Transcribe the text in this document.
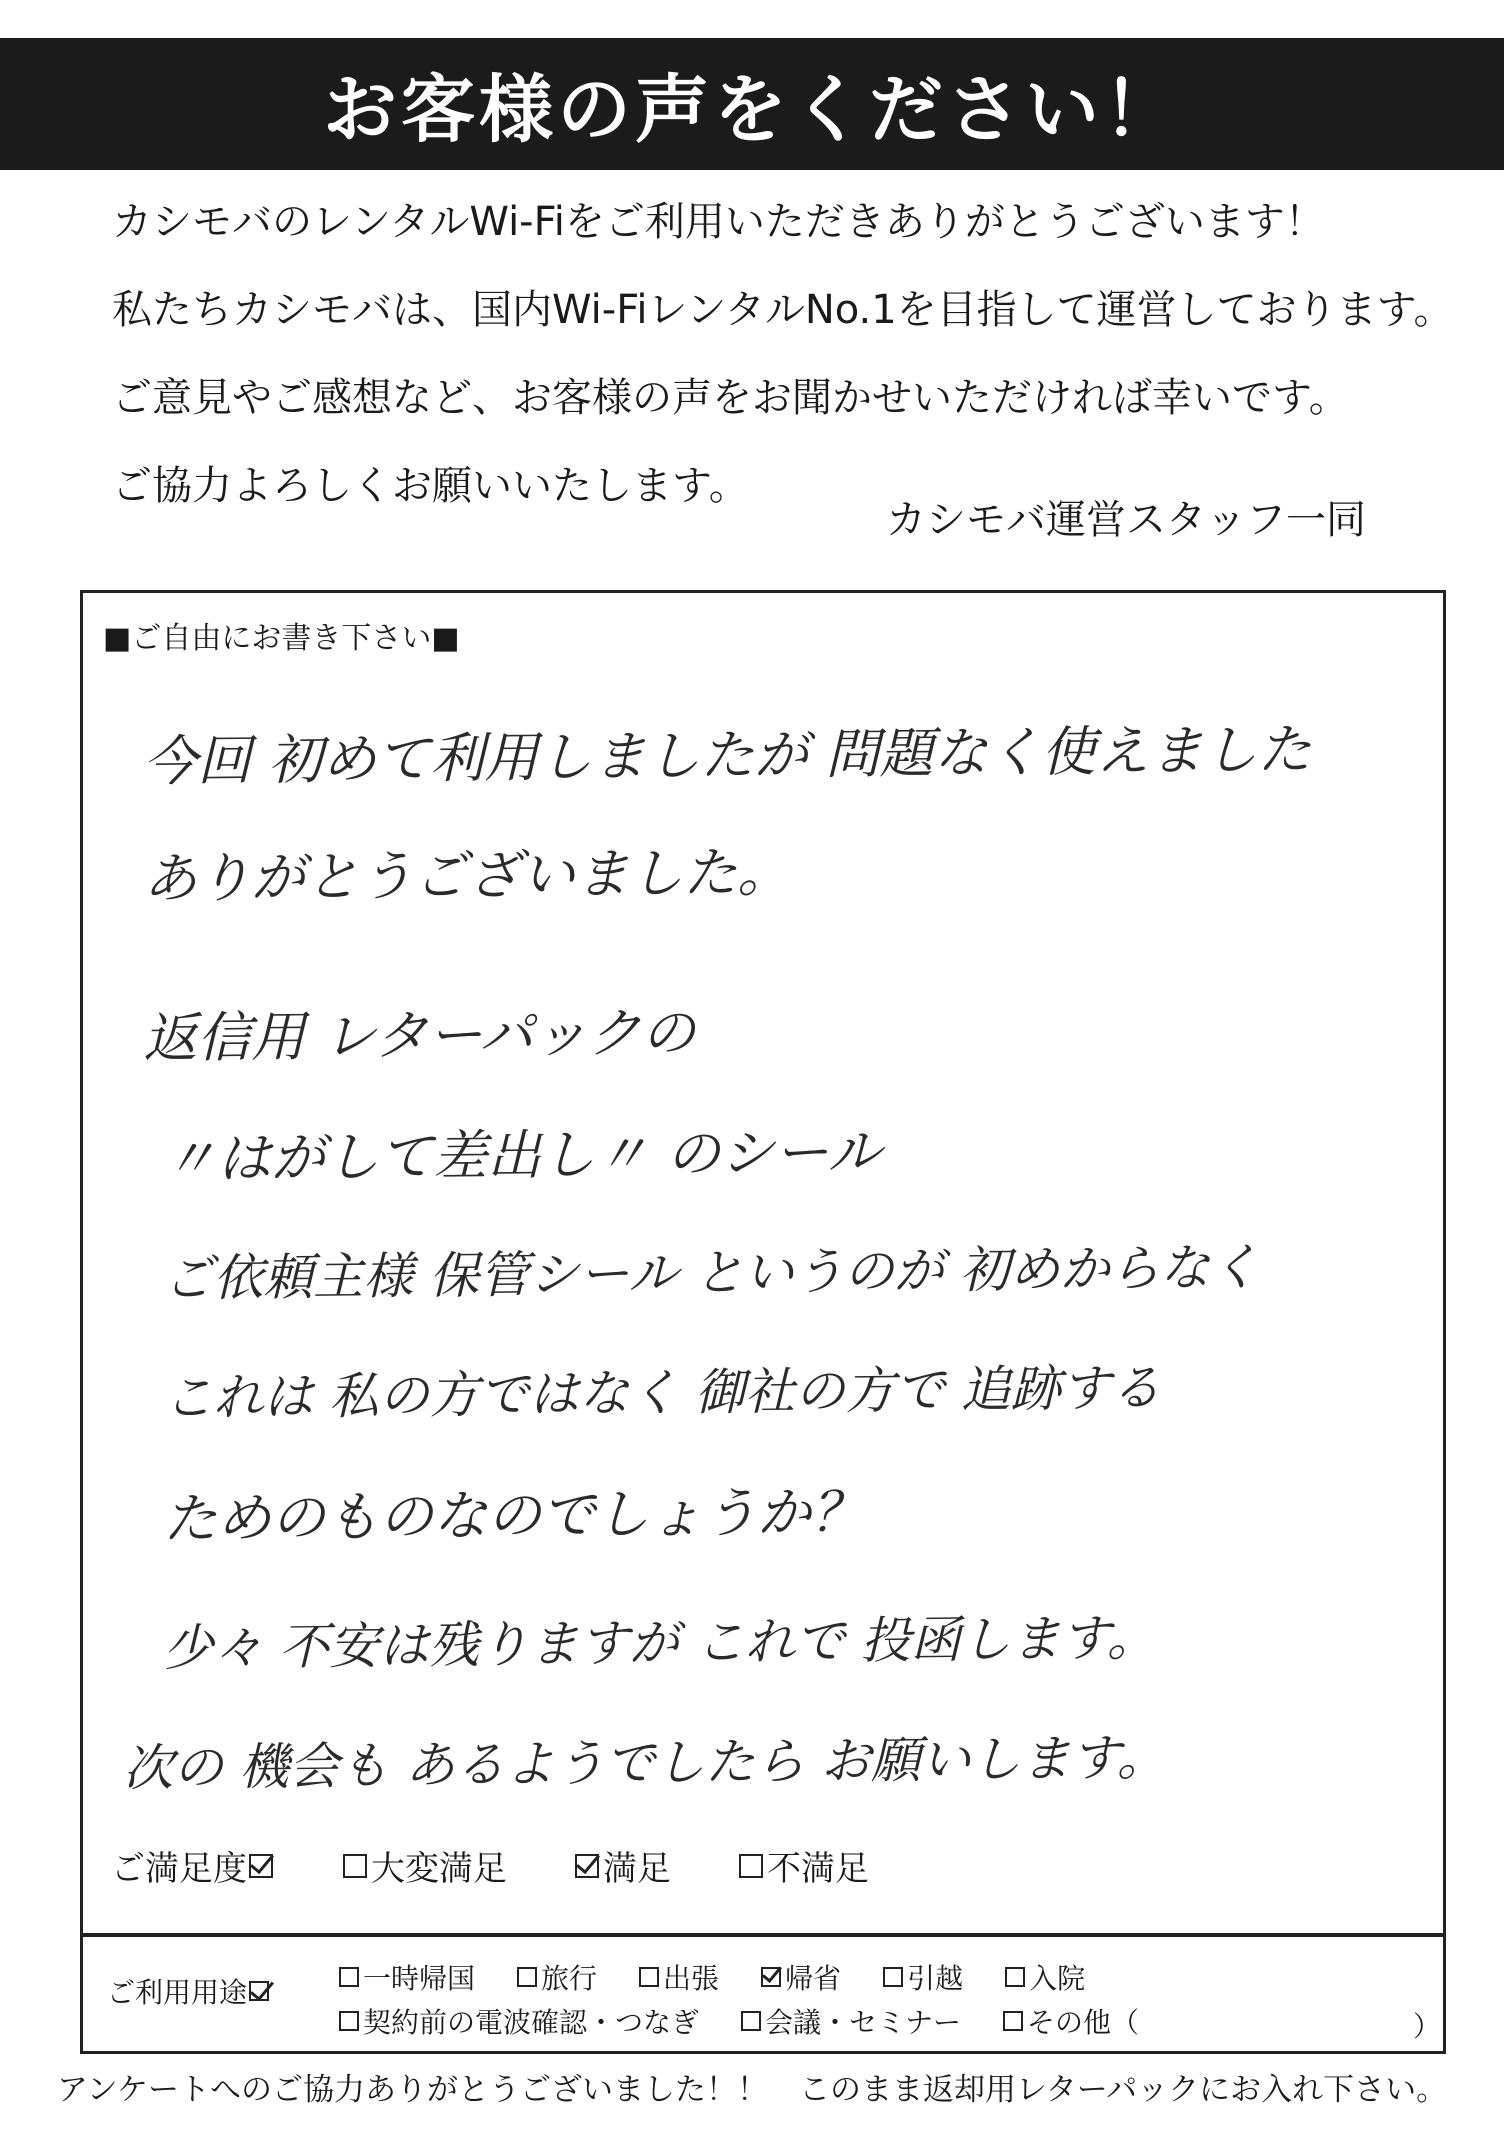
お客様の声をください！
カシモバのレンタルWi-Fiをご利用いただきありがとうございます！
私たちカシモバは、国内Wi-FiレンタルNo.1を目指して運営しております。
ご意見やご感想など、お客様の声をお聞かせいただければ幸いです。
ご協力よろしくお願いいたします。
カシモバ運営スタッフ一同
■ご自由にお書き下さい■
今回 初めて利用しましたが 問題なく使えました
ありがとうございました。
返信用 レターパックの
〃はがして差出し〃 のシール
ご依頼主様 保管シール というのが 初めからなく
これは 私の方ではなく 御社の方で 追跡する
ためのものなのでしょうか？
少々 不安は残りますが これで 投函します。
次の 機会も あるようでしたら お願いします。
ご満足度	大変満足	満足	不満足
ご利用用途	一時帰国 旅行 出張 帰省 引越 入院
契約前の電波確認・つなぎ 会議・セミナー その他（	）
アンケートへのご協力ありがとうございました！！　このまま返却用レターパックにお入れ下さい。
